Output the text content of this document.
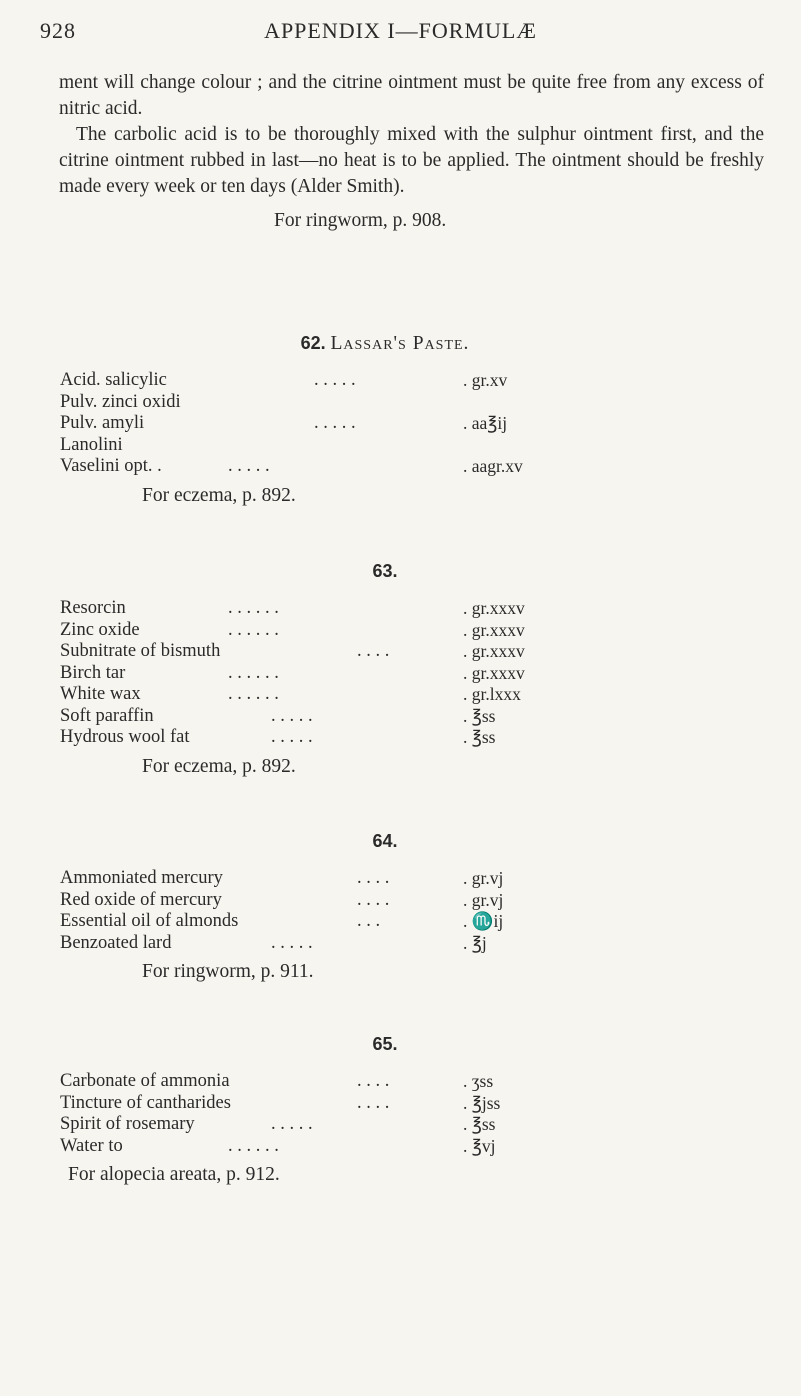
928	APPENDIX I—FORMULÆ

ment will change colour ; and the citrine ointment must be quite free from any excess of nitric acid.

The carbolic acid is to be thoroughly mixed with the sulphur ointment first, and the citrine ointment rubbed in last—no heat is to be applied. The ointment should be freshly made every week or ten days (Alder Smith).

For ringworm, p. 908.

62. Lassar's Paste.
Acid. salicylic	. . . . .	. gr.xv
Pulv. zinci oxidi
Pulv. amyli	. . . . .	. aa℥ij
Lanolini
Vaselini opt. .	. . . . .	. aagr.xv
For eczema, p. 892.
63.
Resorcin	. . . . . .	. gr.xxxv
Zinc oxide	. . . . . .	. gr.xxxv
Subnitrate of bismuth	. . . .	. gr.xxxv
Birch tar	. . . . . .	. gr.xxxv
White wax	. . . . . .	. gr.lxxx
Soft paraffin	. . . . .	. ℥ss
Hydrous wool fat	. . . . .	. ℥ss
For eczema, p. 892.
64.
Ammoniated mercury	. . . .	. gr.vj
Red oxide of mercury	. . . .	. gr.vj
Essential oil of almonds	. . .	. ♏ij
Benzoated lard	. . . . .	. ℥j
For ringworm, p. 911.
65.
Carbonate of ammonia	. . . .	. ʒss
Tincture of cantharides	. . . .	. ℥jss
Spirit of rosemary	. . . . .	. ℥ss
Water to	. . . . . .	. ℥vj
For alopecia areata, p. 912.
